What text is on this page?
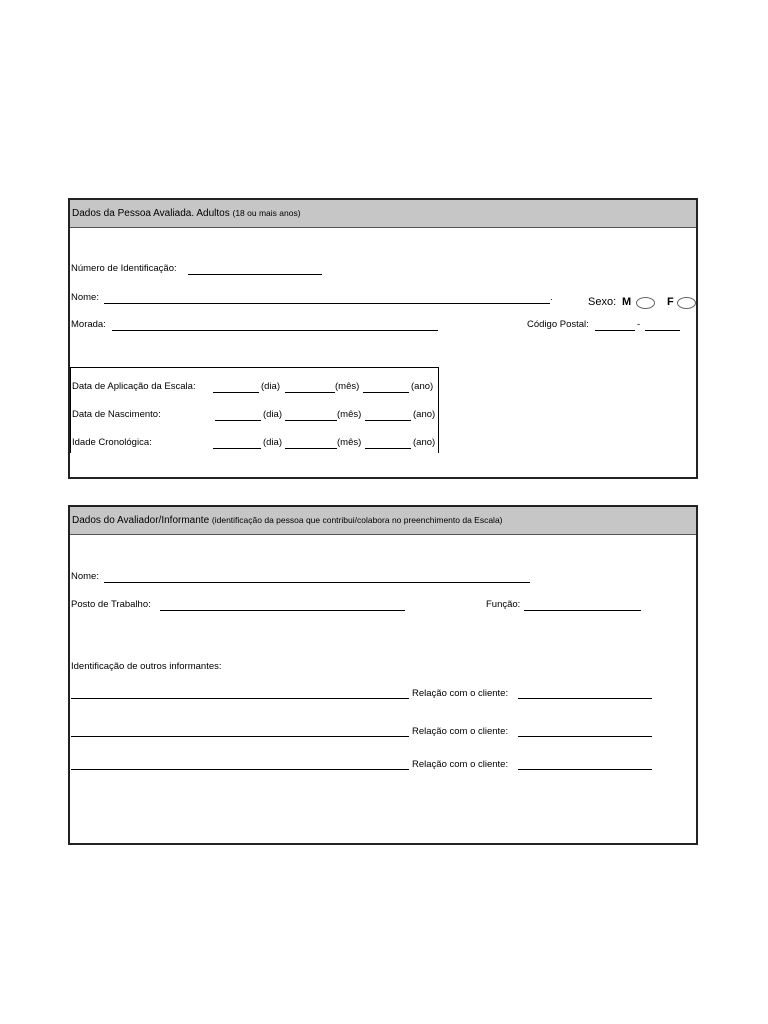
Dados da Pessoa Avaliada. Adultos (18 ou mais anos)
Número de Identificação:
Nome:	.	Sexo: M	F
Morada:	Código Postal:	-
Data de Aplicação da Escala:	(dia)	(mês)	(ano)
Data de Nascimento:	(dia)	(mês)	(ano)
Idade Cronológica:	(dia)	(mês)	(ano)
Dados do Avaliador/Informante (identificação da pessoa que contribui/colabora no preenchimento da Escala)
Nome:
Posto de Trabalho:	Função:
Identificação de outros informantes:
Relação com o cliente:
Relação com o cliente:
Relação com o cliente:
